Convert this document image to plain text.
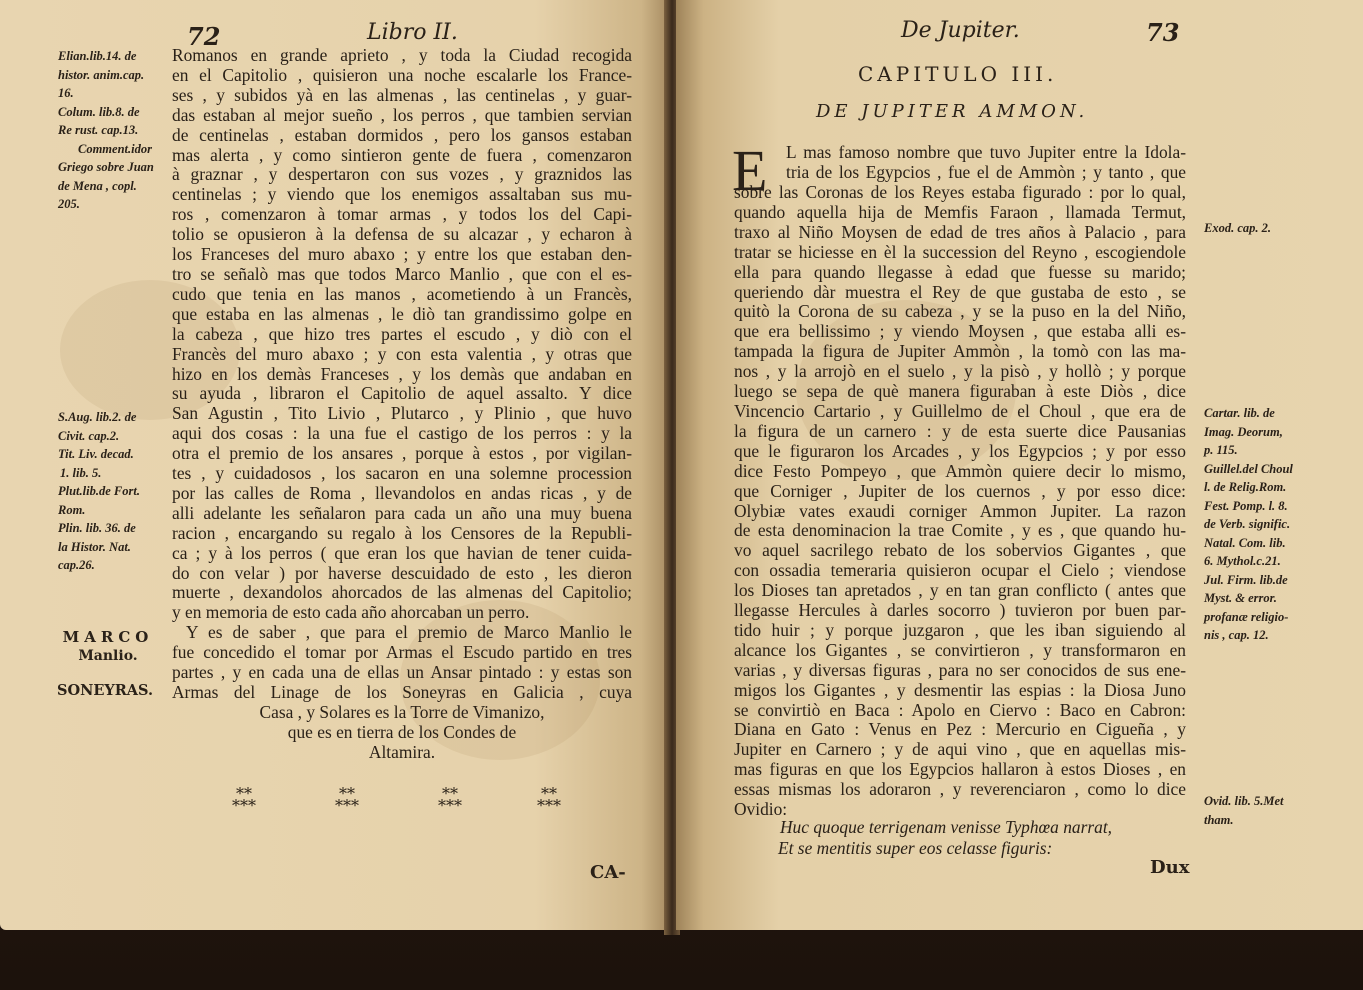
72	Libro II.
Elian.lib.14. de
histor. anim.cap.
16.
Colum. lib.8. de
Re rust. cap.13.
Comment.idor
Griego sobre Juan
de Mena , copl.
205.
S.Aug. lib.2. de
Civit. cap.2.
Tit. Liv. decad.
1. lib. 5.
Plut.lib.de Fort.
Rom.
Plin. lib. 36. de
la Histor. Nat.
cap.26.
MARCO
Manlio.
SONEYRAS.
Romanos en grande aprieto , y toda la Ciudad recogida
en el Capitolio , quisieron una noche escalarle los France-
ses , y subidos yà en las almenas , las centinelas , y guar-
das estaban al mejor sueño , los perros , que tambien servian
de centinelas , estaban dormidos , pero los gansos estaban
mas alerta , y como sintieron gente de fuera , comenzaron
à graznar , y despertaron con sus vozes , y graznidos las
centinelas ; y viendo que los enemigos assaltaban sus mu-
ros , comenzaron à tomar armas , y todos los del Capi-
tolio se opusieron à la defensa de su alcazar , y echaron à
los Franceses del muro abaxo ; y entre los que estaban den-
tro se señalò mas que todos Marco Manlio , que con el es-
cudo que tenia en las manos , acometiendo à un Francès,
que estaba en las almenas , le diò tan grandissimo golpe en
la cabeza , que hizo tres partes el escudo , y diò con el
Francès del muro abaxo ; y con esta valentia , y otras que
hizo en los demàs Franceses , y los demàs que andaban en
su ayuda , libraron el Capitolio de aquel assalto. Y dice
San Agustin , Tito Livio , Plutarco , y Plinio , que huvo
aqui dos cosas : la una fue el castigo de los perros : y la
otra el premio de los ansares , porque à estos , por vigilan-
tes , y cuidadosos , los sacaron en una solemne procession
por las calles de Roma , llevandolos en andas ricas , y de
alli adelante les señalaron para cada un año una muy buena
racion , encargando su regalo à los Censores de la Republi-
ca ; y à los perros ( que eran los que havian de tener cuida-
do con velar ) por haverse descuidado de esto , les dieron
muerte , dexandolos ahorcados de las almenas del Capitolio;
y en memoria de esto cada año ahorcaban un perro.
Y es de saber , que para el premio de Marco Manlio le
fue concedido el tomar por Armas el Escudo partido en tres
partes , y en cada una de ellas un Ansar pintado : y estas son
Armas del Linage de los Soneyras en Galicia , cuya
Casa , y Solares es la Torre de Vimanizo,
que es en tierra de los Condes de
Altamira.
**
***
**
***
**
***
**
***
CA-
De Jupiter.	73
CAPITULO III.
DE JUPITER AMMON.
E L mas famoso nombre que tuvo Jupiter entre la Idola-
tria de los Egypcios , fue el de Ammòn ; y tanto , que
sobre las Coronas de los Reyes estaba figurado : por lo qual,
quando aquella hija de Memfis Faraon , llamada Termut,
traxo al Niño Moysen de edad de tres años à Palacio , para
tratar se hiciesse en èl la succession del Reyno , escogiendole
ella para quando llegasse à edad que fuesse su marido;
queriendo dàr muestra el Rey de que gustaba de esto , se
quitò la Corona de su cabeza , y se la puso en la del Niño,
que era bellissimo ; y viendo Moysen , que estaba alli es-
tampada la figura de Jupiter Ammòn , la tomò con las ma-
nos , y la arrojò en el suelo , y la pisò , y hollò ; y porque
luego se sepa de què manera figuraban à este Diòs , dice
Vincencio Cartario , y Guillelmo de el Choul , que era de
la figura de un carnero : y de esta suerte dice Pausanias
que le figuraron los Arcades , y los Egypcios ; y por esso
dice Festo Pompeyo , que Ammòn quiere decir lo mismo,
que Corniger , Jupiter de los cuernos , y por esso dice:
Olybiæ vates exaudi corniger Ammon Jupiter. La razon
de esta denominacion la trae Comite , y es , que quando hu-
vo aquel sacrilego rebato de los sobervios Gigantes , que
con ossadia temeraria quisieron ocupar el Cielo ; viendose
los Dioses tan apretados , y en tan gran conflicto ( antes que
llegasse Hercules à darles socorro ) tuvieron por buen par-
tido huir ; y porque juzgaron , que les iban siguiendo al
alcance los Gigantes , se convirtieron , y transformaron en
varias , y diversas figuras , para no ser conocidos de sus ene-
migos los Gigantes , y desmentir las espias : la Diosa Juno
se convirtiò en Baca : Apolo en Ciervo : Baco en Cabron:
Diana en Gato : Venus en Pez : Mercurio en Cigueña , y
Jupiter en Carnero ; y de aqui vino , que en aquellas mis-
mas figuras en que los Egypcios hallaron à estos Dioses , en
essas mismas los adoraron , y reverenciaron , como lo dice
Ovidio:
Huc quoque terrigenam venisse Typhœa narrat,
Et se mentitis super eos celasse figuris:
Dux
Exod. cap. 2.
Cartar. lib. de
Imag. Deorum,
p. 115.
Guillel.del Choul
l. de Relig.Rom.
Fest. Pomp. l. 8.
de Verb. signific.
Natal. Com. lib.
6. Mythol.c.21.
Jul. Firm. lib.de
Myst. & error.
profanæ religio-
nis , cap. 12.
Ovid. lib. 5.Met
tham.
